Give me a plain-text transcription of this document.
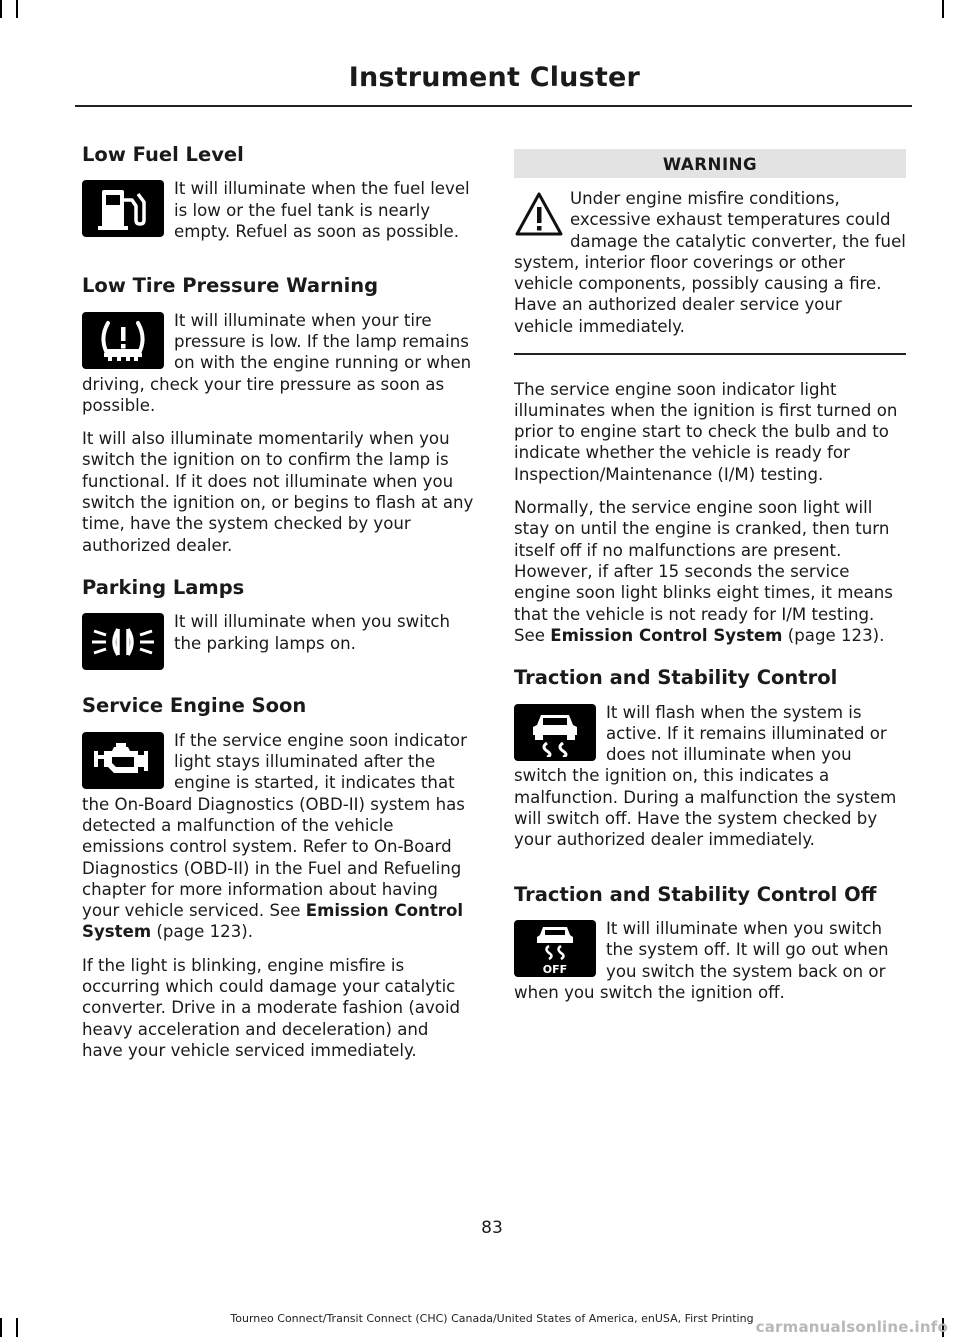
Instrument Cluster
Low Fuel Level

It will illuminate when the fuel level is low or the fuel tank is nearly empty. Refuel as soon as possible.

Low Tire Pressure Warning

It will illuminate when your tire pressure is low. If the lamp remains on with the engine running or when driving, check your tire pressure as soon as possible.

It will also illuminate momentarily when you switch the ignition on to confirm the lamp is functional. If it does not illuminate when you switch the ignition on, or begins to flash at any time, have the system checked by your authorized dealer.

Parking Lamps

It will illuminate when you switch the parking lamps on.

Service Engine Soon

If the service engine soon indicator light stays illuminated after the engine is started, it indicates that the On-Board Diagnostics (OBD-II) system has detected a malfunction of the vehicle emissions control system. Refer to On-Board Diagnostics (OBD-II) in the Fuel and Refueling chapter for more information about having your vehicle serviced. See Emission Control System (page 123).

If the light is blinking, engine misfire is occurring which could damage your catalytic converter. Drive in a moderate fashion (avoid heavy acceleration and deceleration) and have your vehicle serviced immediately.

WARNING

Under engine misfire conditions, excessive exhaust temperatures could damage the catalytic converter, the fuel system, interior floor coverings or other vehicle components, possibly causing a fire. Have an authorized dealer service your vehicle immediately.

The service engine soon indicator light illuminates when the ignition is first turned on prior to engine start to check the bulb and to indicate whether the vehicle is ready for Inspection/Maintenance (I/M) testing.

Normally, the service engine soon light will stay on until the engine is cranked, then turn itself off if no malfunctions are present. However, if after 15 seconds the service engine soon light blinks eight times, it means that the vehicle is not ready for I/M testing. See Emission Control System (page 123).

Traction and Stability Control

It will flash when the system is active. If it remains illuminated or does not illuminate when you switch the ignition on, this indicates a malfunction. During a malfunction the system will switch off. Have the system checked by your authorized dealer immediately.

Traction and Stability Control Off
OFF

It will illuminate when you switch the system off. It will go out when you switch the system back on or when you switch the ignition off.

83
Tourneo Connect/Transit Connect (CHC) Canada/United States of America, enUSA, First Printing carmanualsonline.info
